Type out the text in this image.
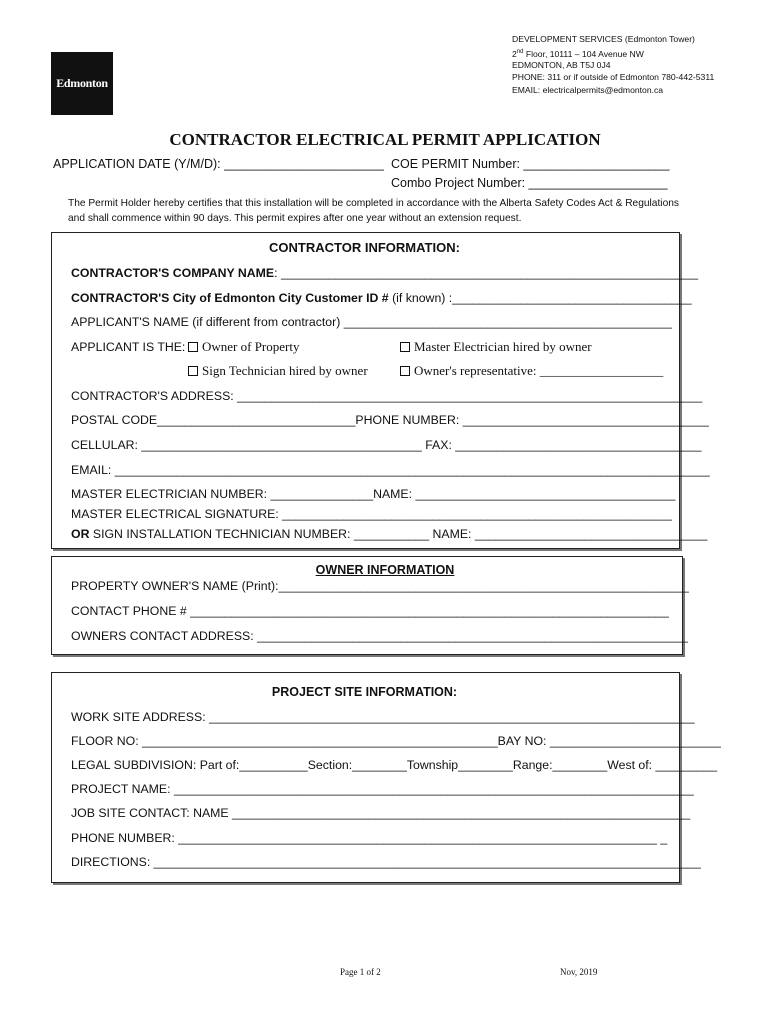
Edmonton
DEVELOPMENT SERVICES (Edmonton Tower)
2nd Floor, 10111 – 104 Avenue NW
EDMONTON, AB T5J 0J4
PHONE: 311 or if outside of Edmonton 780-442-5311
EMAIL: electricalpermits@edmonton.ca
CONTRACTOR ELECTRICAL PERMIT APPLICATION
APPLICATION DATE (Y/M/D): _______________________ COE PERMIT Number: _____________________
Combo Project Number: ____________________
The Permit Holder hereby certifies that this installation will be completed in accordance with the Alberta Safety Codes Act & Regulations
and shall commence within 90 days. This permit expires after one year without an extension request.
CONTRACTOR INFORMATION:
CONTRACTOR'S COMPANY NAME: _____________________________________________________________
CONTRACTOR'S City of Edmonton City Customer ID # (if known) :___________________________________
APPLICANT'S NAME (if different from contractor) ________________________________________________
APPLICANT IS THE:	Owner of Property	Master Electrician hired by owner
Sign Technician hired by owner	Owner's representative: ___________________
CONTRACTOR'S ADDRESS: ____________________________________________________________________
POSTAL CODE_____________________________PHONE NUMBER: ____________________________________
CELLULAR: _________________________________________ FAX: ____________________________________
EMAIL: _______________________________________________________________________________________
MASTER ELECTRICIAN NUMBER: _______________NAME: ______________________________________
MASTER ELECTRICAL SIGNATURE: _________________________________________________________
OR SIGN INSTALLATION TECHNICIAN NUMBER: ___________ NAME: __________________________________
OWNER INFORMATION
PROPERTY OWNER'S NAME (Print):____________________________________________________________
CONTACT PHONE # ______________________________________________________________________
OWNERS CONTACT ADDRESS: _______________________________________________________________
PROJECT SITE INFORMATION:
WORK SITE ADDRESS: _______________________________________________________________________
FLOOR NO: ____________________________________________________BAY NO: _________________________
LEGAL SUBDIVISION: Part of:__________Section:________Township________Range:________West of: _________
PROJECT NAME: ____________________________________________________________________________
JOB SITE CONTACT: NAME ___________________________________________________________________
PHONE NUMBER: ______________________________________________________________________ _
DIRECTIONS: ________________________________________________________________________________
Page 1 of 2	Nov, 2019
